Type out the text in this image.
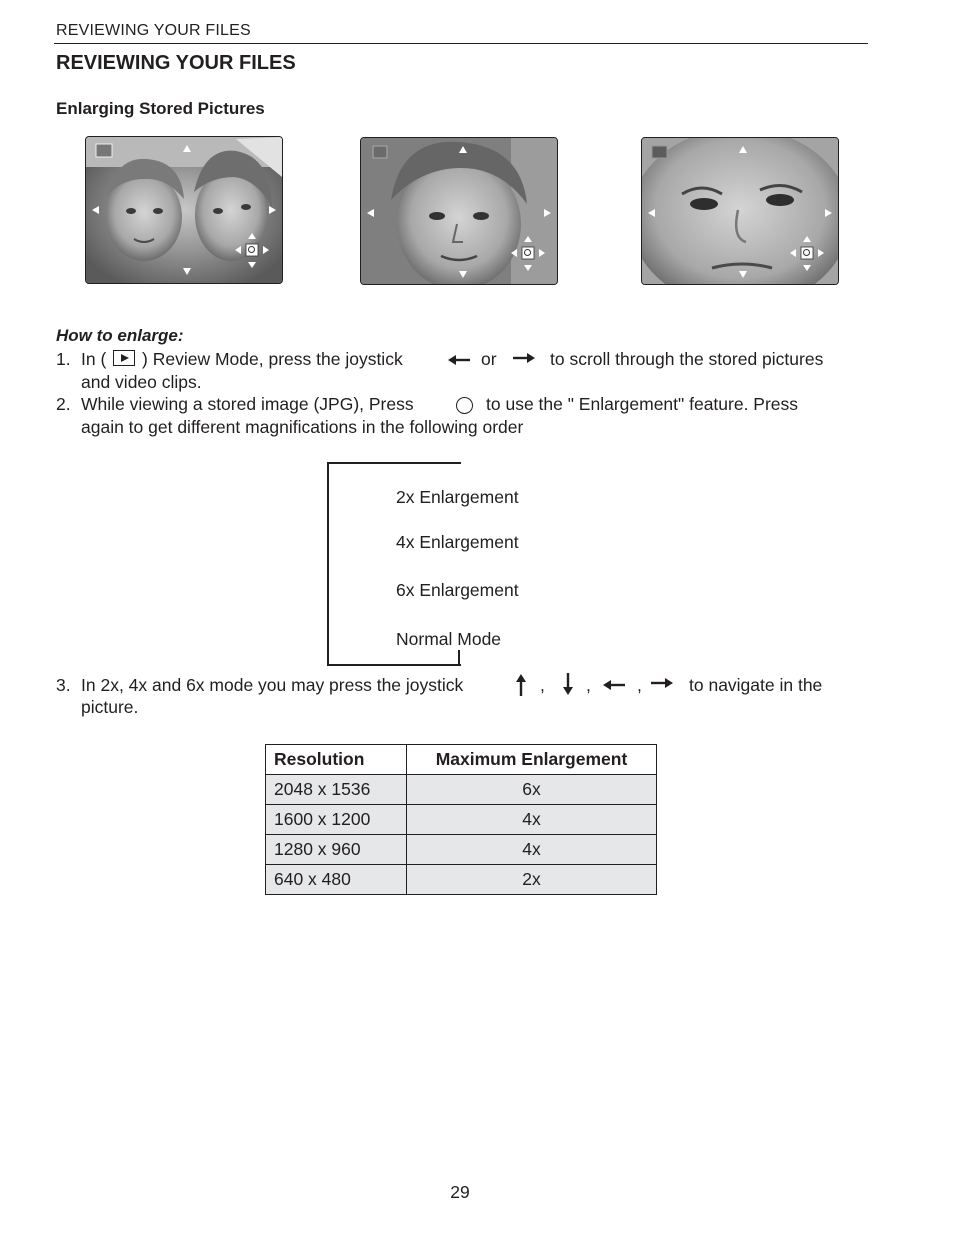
REVIEWING YOUR FILES
REVIEWING YOUR FILES
Enlarging Stored Pictures
How to enlarge:
1. In ( ) Review Mode, press the joystick	or	to scroll through the stored pictures
and video clips.
2. While viewing a stored image (JPG), Press	to use the " Enlargement" feature. Press
again to get different magnifications in the following order
2x Enlargement
4x Enlargement
6x Enlargement
Normal Mode
3. In 2x, 4x and 6x mode you may press the joystick	, ,	,	to navigate in the
picture.
Resolution	Maximum Enlargement
2048 x 1536	6x
1600 x 1200	4x
1280 x 960	4x
640 x 480	2x
29
